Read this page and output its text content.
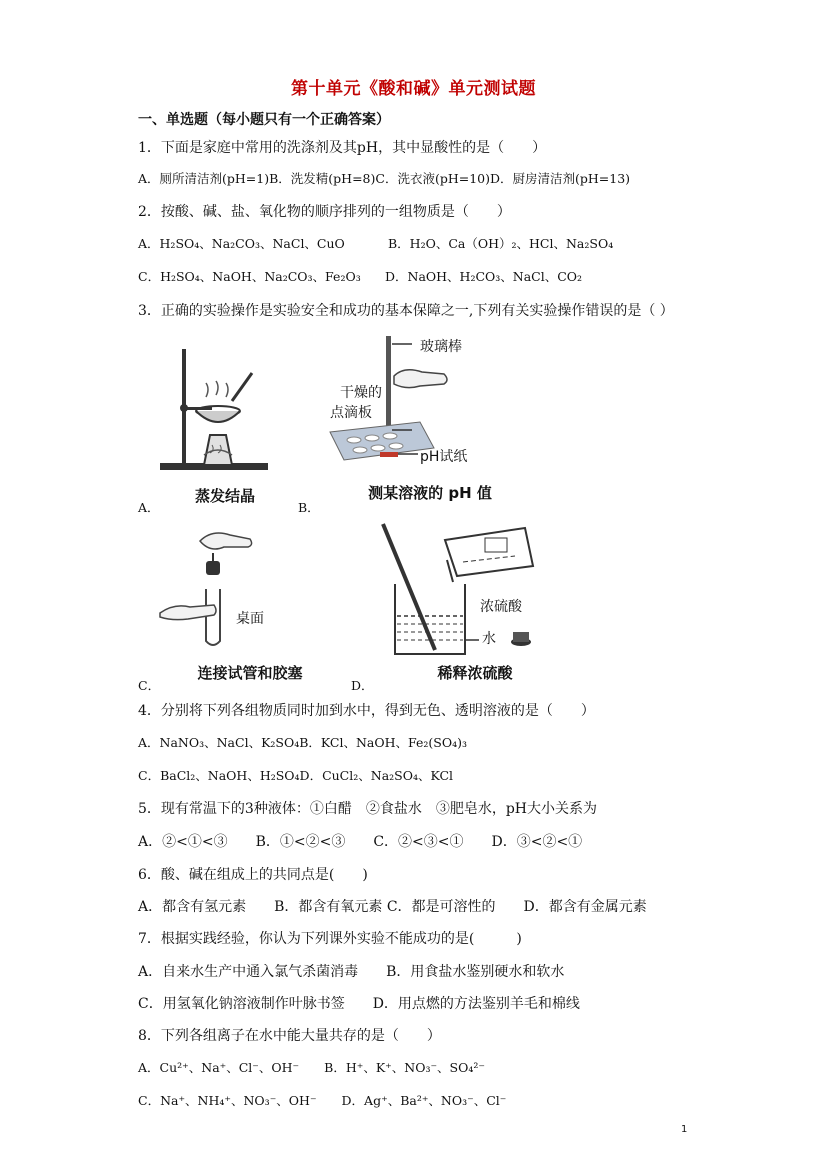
第十单元《酸和碱》单元测试题
一、单选题（每小题只有一个正确答案）
1．下面是家庭中常用的洗涤剂及其pH，其中显酸性的是（　　）
A．厕所清洁剂(pH=1)B．洗发精(pH=8)C．洗衣液(pH=10)D．厨房清洁剂(pH=13)
2．按酸、碱、盐、氧化物的顺序排列的一组物质是（　　）
A．H₂SO₄、Na₂CO₃、NaCl、CuO	B．H₂O、Ca（OH）₂、HCl、Na₂SO₄
C．H₂SO₄、NaOH、Na₂CO₃、Fe₂O₃ D．NaOH、H₂CO₃、NaCl、CO₂
3．正确的实验操作是实验安全和成功的基本保障之一,下列有关实验操作错误的是（ ）
蒸发结晶
A．
玻璃棒
干燥的
点滴板
pH试纸
测某溶液的 pH 值
B．
桌面
连接试管和胶塞
C．
浓硫酸
水
稀释浓硫酸
D．
4．分别将下列各组物质同时加到水中，得到无色、透明溶液的是（　　）
A．NaNO₃、NaCl、K₂SO₄B．KCl、NaOH、Fe₂(SO₄)₃
C．BaCl₂、NaOH、H₂SO₄D．CuCl₂、Na₂SO₄、KCl
5．现有常温下的3种液体：①白醋　②食盐水　③肥皂水，pH大小关系为
A．②<①<③　　B．①<②<③　　C．②<③<①　　D．③<②<①
6．酸、碱在组成上的共同点是(　　)
A．都含有氢元素　　B．都含有氧元素 C．都是可溶性的　　D．都含有金属元素
7．根据实践经验，你认为下列课外实验不能成功的是(　　　)
A．自来水生产中通入氯气杀菌消毒　　B．用食盐水鉴别硬水和软水
C．用氢氧化钠溶液制作叶脉书签　　D．用点燃的方法鉴别羊毛和棉线
8．下列各组离子在水中能大量共存的是（　　）
A．Cu²⁺、Na⁺、Cl⁻、OH⁻　　B．H⁺、K⁺、NO₃⁻、SO₄²⁻
C．Na⁺、NH₄⁺、NO₃⁻、OH⁻　　D．Ag⁺、Ba²⁺、NO₃⁻、Cl⁻
1
